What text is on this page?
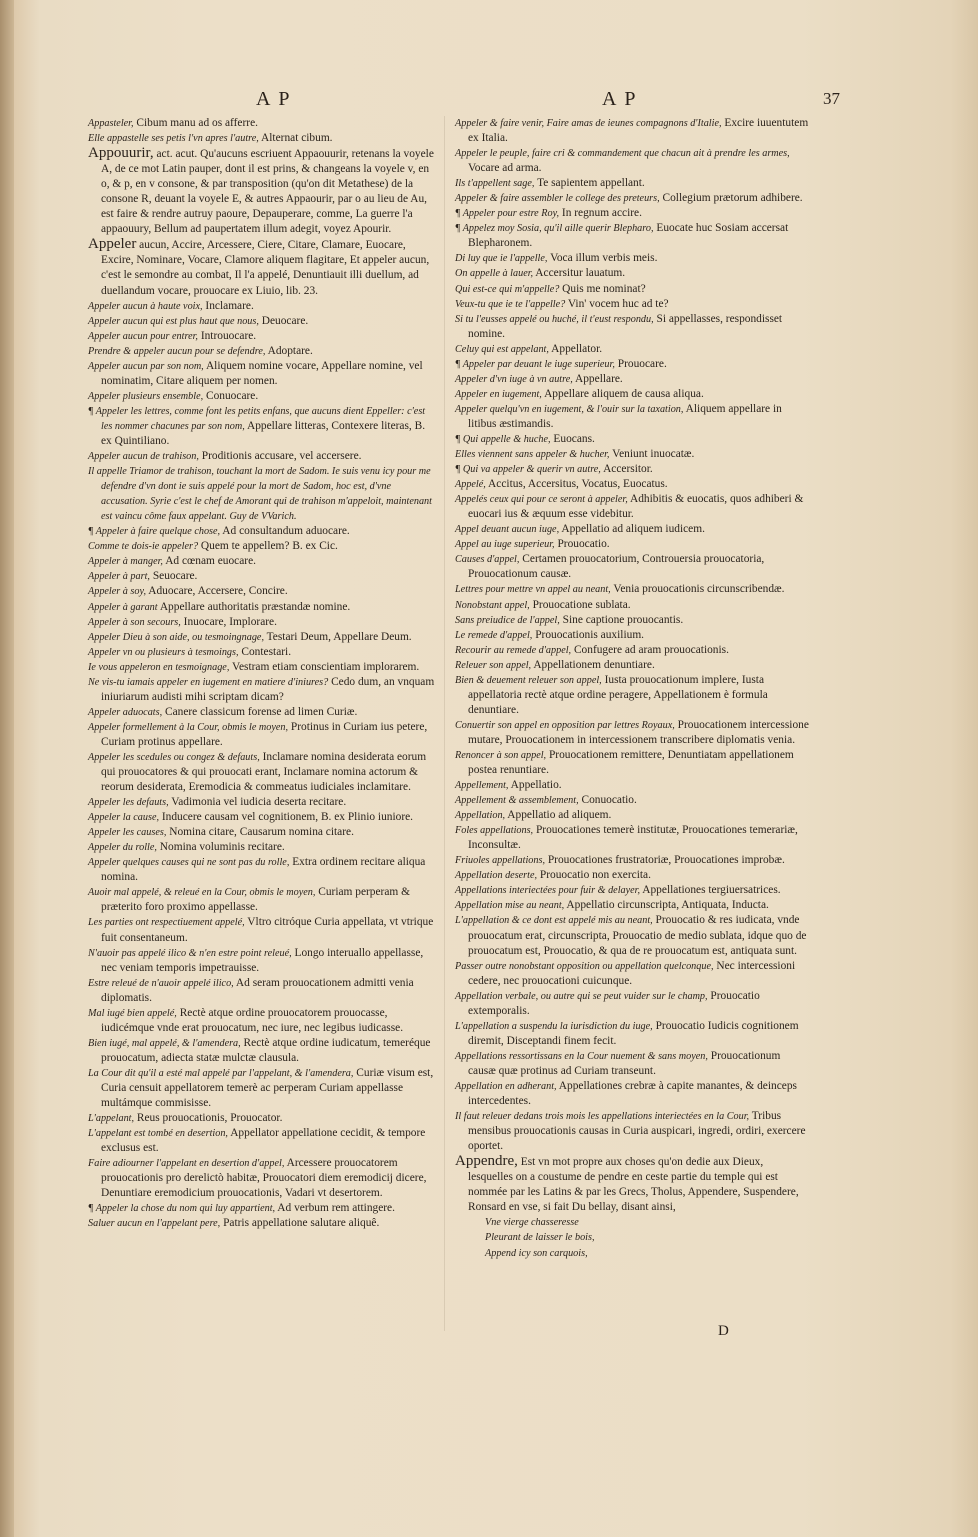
A P	A P	37

Appasteler, Cibum manu ad os afferre.

Elle appastelle ses petis l'vn apres l'autre, Alternat cibum.

Appouurir, act. acut. Qu'aucuns escriuent Appaouurir, retenans la voyele A, de ce mot Latin pauper, dont il est prins, & changeans la voyele v, en o, & p, en v consone, & par transposition (qu'on dit Metathese) de la consone R, deuant la voyele E, & autres Appaourir, par o au lieu de Au, est faire & rendre autruy paoure, Depauperare, comme, La guerre l'a appaouury, Bellum ad paupertatem illum adegit, voyez Apourir.

Appeler aucun, Accire, Arcessere, Ciere, Citare, Clamare, Euocare, Excire, Nominare, Vocare, Clamore aliquem flagitare, Et appeler aucun, c'est le semondre au combat, Il l'a appelé, Denuntiauit illi duellum, ad duellandum vocare, prouocare ex Liuio, lib. 23.

Appeler aucun à haute voix, Inclamare.

Appeler aucun qui est plus haut que nous, Deuocare.

Appeler aucun pour entrer, Introuocare.

Prendre & appeler aucun pour se defendre, Adoptare.

Appeler aucun par son nom, Aliquem nomine vocare, Appellare nomine, vel nominatim, Citare aliquem per nomen.

Appeler plusieurs ensemble, Conuocare.

¶ Appeler les lettres, comme font les petits enfans, que aucuns dient Eppeller: c'est les nommer chacunes par son nom, Appellare litteras, Contexere literas, B. ex Quintiliano.

Appeler aucun de trahison, Proditionis accusare, vel accersere.

Il appelle Triamor de trahison, touchant la mort de Sadom. Ie suis venu icy pour me defendre d'vn dont ie suis appelé pour la mort de Sadom, hoc est, d'vne accusation. Syrie c'est le chef de Amorant qui de trahison m'appeloit, maintenant est vaincu côme faux appelant. Guy de VVarich.

¶ Appeler à faire quelque chose, Ad consultandum aduocare.

Comme te dois-ie appeler? Quem te appellem? B. ex Cic.

Appeler à manger, Ad cœnam euocare.

Appeler à part, Seuocare.

Appeler à soy, Aduocare, Accersere, Concire.

Appeler à garant Appellare authoritatis præstandæ nomine.

Appeler à son secours, Inuocare, Implorare.

Appeler Dieu à son aide, ou tesmoingnage, Testari Deum, Appellare Deum.

Appeler vn ou plusieurs à tesmoings, Contestari.

Ie vous appeleron en tesmoignage, Vestram etiam conscientiam implorarem.

Ne vis-tu iamais appeler en iugement en matiere d'iniures? Cedo dum, an vnquam iniuriarum audisti mihi scriptam dicam?

Appeler aduocats, Canere classicum forense ad limen Curiæ.

Appeler formellement à la Cour, obmis le moyen, Protinus in Curiam ius petere, Curiam protinus appellare.

Appeler les scedules ou congez & defauts, Inclamare nomina desiderata eorum qui prouocatores & qui prouocati erant, Inclamare nomina actorum & reorum desiderata, Eremodicia & commeatus iudiciales inclamitare.

Appeler les defauts, Vadimonia vel iudicia deserta recitare.

Appeler la cause, Inducere causam vel cognitionem, B. ex Plinio iuniore.

Appeler les causes, Nomina citare, Causarum nomina citare.

Appeler du rolle, Nomina voluminis recitare.

Appeler quelques causes qui ne sont pas du rolle, Extra ordinem recitare aliqua nomina.

Auoir mal appelé, & releué en la Cour, obmis le moyen, Curiam perperam & præterito foro proximo appellasse.

Les parties ont respectiuement appelé, Vltro citróque Curia appellata, vt vtrique fuit consentaneum.

N'auoir pas appelé ilico & n'en estre point releué, Longo interuallo appellasse, nec veniam temporis impetrauisse.

Estre releué de n'auoir appelé ilico, Ad seram prouocationem admitti venia diplomatis.

Mal iugé bien appelé, Rectè atque ordine prouocatorem prouocasse, iudicémque vnde erat prouocatum, nec iure, nec legibus iudicasse.

Bien iugé, mal appelé, & l'amendera, Rectè atque ordine iudicatum, temeréque prouocatum, adiecta statæ mulctæ clausula.

La Cour dit qu'il a esté mal appelé par l'appelant, & l'amendera, Curiæ visum est, Curia censuit appellatorem temerè ac perperam Curiam appellasse multámque commisisse.

L'appelant, Reus prouocationis, Prouocator.

L'appelant est tombé en desertion, Appellator appellatione cecidit, & tempore exclusus est.

Faire adiourner l'appelant en desertion d'appel, Arcessere prouocatorem prouocationis pro derelictò habitæ, Prouocatori diem eremodicij dicere, Denuntiare eremodicium prouocationis, Vadari vt desertorem.

¶ Appeler la chose du nom qui luy appartient, Ad verbum rem attingere.

Saluer aucun en l'appelant pere, Patris appellatione salutare aliquê.

Appeler & faire venir, Faire amas de ieunes compagnons d'Italie, Excire iuuentutem ex Italia.

Appeler le peuple, faire cri & commandement que chacun ait à prendre les armes, Vocare ad arma.

Ils t'appellent sage, Te sapientem appellant.

Appeler & faire assembler le college des preteurs, Collegium prætorum adhibere.

¶ Appeler pour estre Roy, In regnum accire.

¶ Appelez moy Sosia, qu'il aille querir Blepharo, Euocate huc Sosiam accersat Blepharonem.

Di luy que ie l'appelle, Voca illum verbis meis.

On appelle à lauer, Accersitur lauatum.

Qui est-ce qui m'appelle? Quis me nominat?

Veux-tu que ie te l'appelle? Vin' vocem huc ad te?

Si tu l'eusses appelé ou huché, il t'eust respondu, Si appellasses, respondisset nomine.

Celuy qui est appelant, Appellator.

¶ Appeler par deuant le iuge superieur, Prouocare.

Appeler d'vn iuge à vn autre, Appellare.

Appeler en iugement, Appellare aliquem de causa aliqua.

Appeler quelqu'vn en iugement, & l'ouir sur la taxation, Aliquem appellare in litibus æstimandis.

¶ Qui appelle & huche, Euocans.

Elles viennent sans appeler & hucher, Veniunt inuocatæ.

¶ Qui va appeler & querir vn autre, Accersitor.

Appelé, Accitus, Accersitus, Vocatus, Euocatus.

Appelés ceux qui pour ce seront à appeler, Adhibitis & euocatis, quos adhiberi & euocari ius & æquum esse videbitur.

Appel deuant aucun iuge, Appellatio ad aliquem iudicem.

Appel au iuge superieur, Prouocatio.

Causes d'appel, Certamen prouocatorium, Controuersia prouocatoria, Prouocationum causæ.

Lettres pour mettre vn appel au neant, Venia prouocationis circunscribendæ.

Nonobstant appel, Prouocatione sublata.

Sans preiudice de l'appel, Sine captione prouocantis.

Le remede d'appel, Prouocationis auxilium.

Recourir au remede d'appel, Confugere ad aram prouocationis.

Releuer son appel, Appellationem denuntiare.

Bien & deuement releuer son appel, Iusta prouocationum implere, Iusta appellatoria rectè atque ordine peragere, Appellationem è formula denuntiare.

Conuertir son appel en opposition par lettres Royaux, Prouocationem intercessione mutare, Prouocationem in intercessionem transcribere diplomatis venia.

Renoncer à son appel, Prouocationem remittere, Denuntiatam appellationem postea renuntiare.

Appellement, Appellatio.

Appellement & assemblement, Conuocatio.

Appellation, Appellatio ad aliquem.

Foles appellations, Prouocationes temerè institutæ, Prouocationes temerariæ, Inconsultæ.

Friuoles appellations, Prouocationes frustratoriæ, Prouocationes improbæ.

Appellation deserte, Prouocatio non exercita.

Appellations interiectées pour fuir & delayer, Appellationes tergiuersatrices.

Appellation mise au neant, Appellatio circunscripta, Antiquata, Inducta.

L'appellation & ce dont est appelé mis au neant, Prouocatio & res iudicata, vnde prouocatum erat, circunscripta, Prouocatio de medio sublata, idque quo de prouocatum est, Prouocatio, & qua de re prouocatum est, antiquata sunt.

Passer outre nonobstant opposition ou appellation quelconque, Nec intercessioni cedere, nec prouocationi cuicunque.

Appellation verbale, ou autre qui se peut vuider sur le champ, Prouocatio extemporalis.

L'appellation a suspendu la iurisdiction du iuge, Prouocatio Iudicis cognitionem diremit, Disceptandi finem fecit.

Appellations ressortissans en la Cour nuement & sans moyen, Prouocationum causæ quæ protinus ad Curiam transeunt.

Appellation en adherant, Appellationes crebræ à capite manantes, & deinceps intercedentes.

Il faut releuer dedans trois mois les appellations interiectées en la Cour, Tribus mensibus prouocationis causas in Curia auspicari, ingredi, ordiri, exercere oportet.

Appendre, Est vn mot propre aux choses qu'on dedie aux Dieux, lesquelles on a coustume de pendre en ceste partie du temple qui est nommée par les Latins & par les Grecs, Tholus, Appendere, Suspendere, Ronsard en vse, si fait Du bellay, disant ainsi,

Vne vierge chasseresse

Pleurant de laisser le bois,

Append icy son carquois,

D
